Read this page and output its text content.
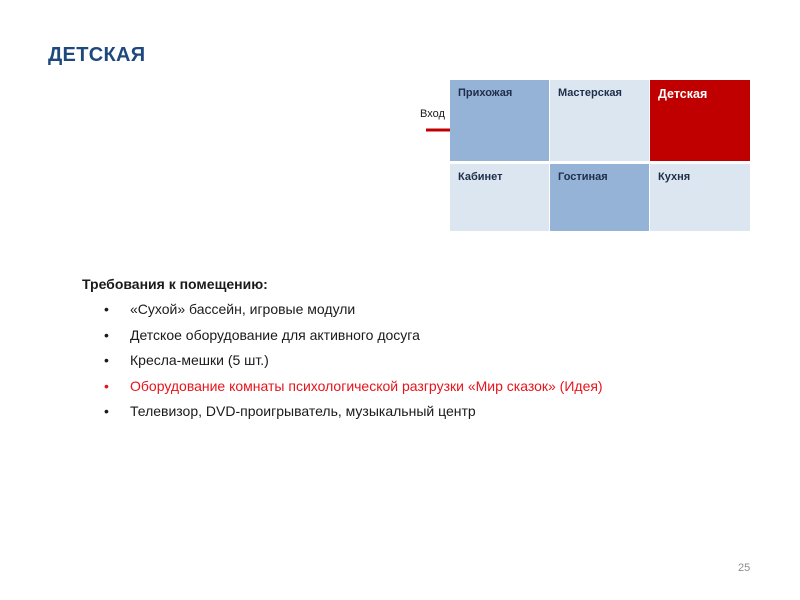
ДЕТСКАЯ
Вход
Прихожая	Мастерская	Детская
Кабинет	Гостиная	Кухня
Требования к помещению:
• «Сухой» бассейн, игровые модули
• Детское оборудование для активного досуга
• Кресла-мешки (5 шт.)
• Оборудование комнаты психологической разгрузки «Мир сказок» (Идея)
• Телевизор, DVD-проигрыватель, музыкальный центр
25
